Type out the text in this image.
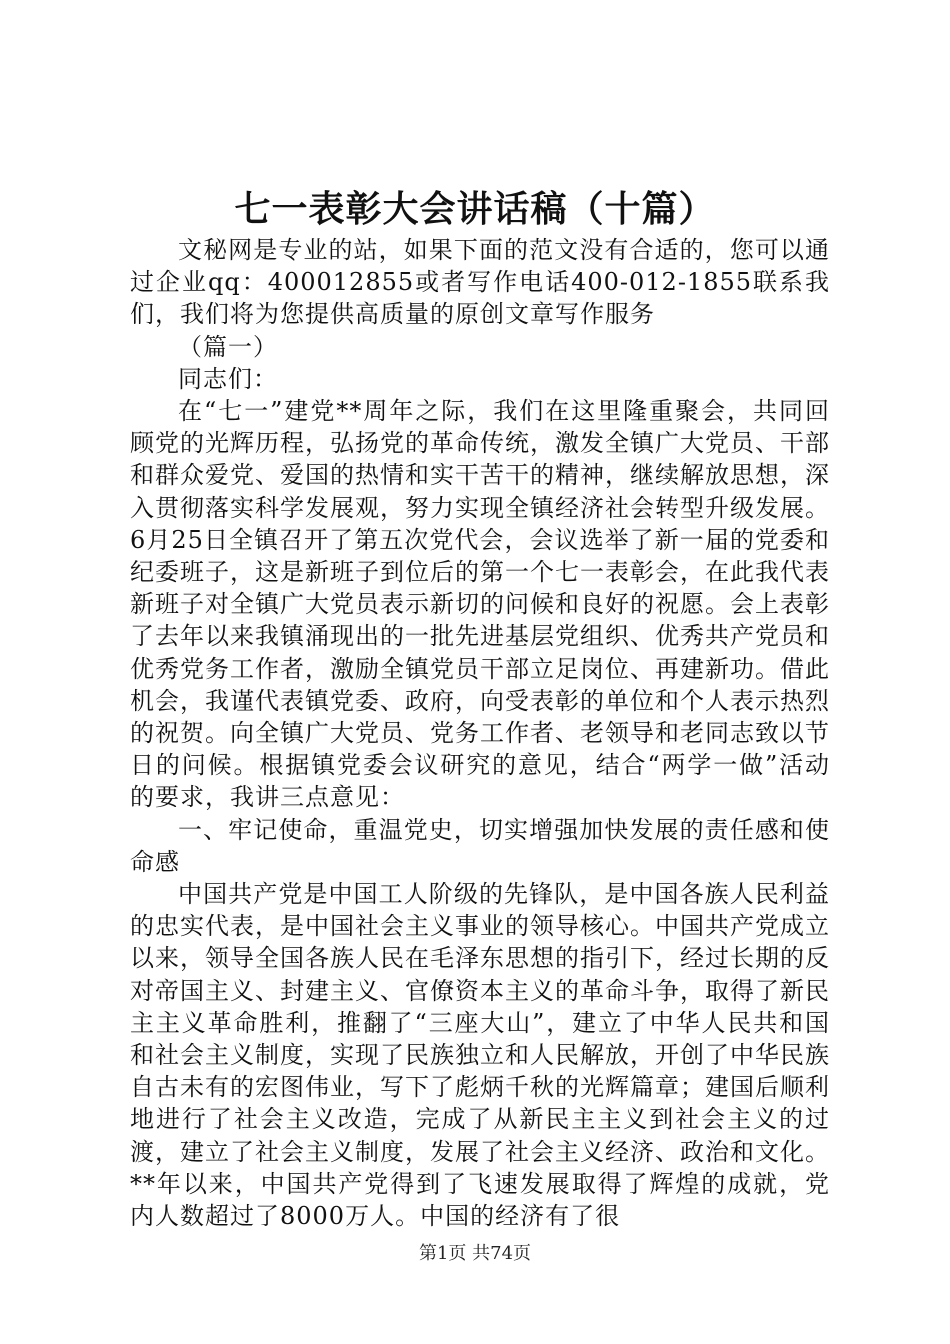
七一表彰大会讲话稿（十篇）

文秘网是专业的站，如果下面的范文没有合适的，您可以通过企业qq：400012855或者写作电话400-012-1855联系我们，我们将为您提供高质量的原创文章写作服务

（篇一）

同志们：

在“七一”建党**周年之际，我们在这里隆重聚会，共同回顾党的光辉历程，弘扬党的革命传统，激发全镇广大党员、干部和群众爱党、爱国的热情和实干苦干的精神，继续解放思想，深入贯彻落实科学发展观，努力实现全镇经济社会转型升级发展。6月25日全镇召开了第五次党代会，会议选举了新一届的党委和纪委班子，这是新班子到位后的第一个七一表彰会，在此我代表新班子对全镇广大党员表示新切的问候和良好的祝愿。会上表彰了去年以来我镇涌现出的一批先进基层党组织、优秀共产党员和优秀党务工作者，激励全镇党员干部立足岗位、再建新功。借此机会，我谨代表镇党委、政府，向受表彰的单位和个人表示热烈的祝贺。向全镇广大党员、党务工作者、老领导和老同志致以节日的问候。根据镇党委会议研究的意见，结合“两学一做”活动的要求，我讲三点意见：

一、牢记使命，重温党史，切实增强加快发展的责任感和使命感

中国共产党是中国工人阶级的先锋队，是中国各族人民利益的忠实代表，是中国社会主义事业的领导核心。中国共产党成立以来，领导全国各族人民在毛泽东思想的指引下，经过长期的反对帝国主义、封建主义、官僚资本主义的革命斗争，取得了新民主主义革命胜利，推翻了“三座大山”，建立了中华人民共和国和社会主义制度，实现了民族独立和人民解放，开创了中华民族自古未有的宏图伟业，写下了彪炳千秋的光辉篇章；建国后顺利地进行了社会主义改造，完成了从新民主主义到社会主义的过渡，建立了社会主义制度，发展了社会主义经济、政治和文化。**年以来，中国共产党得到了飞速发展取得了辉煌的成就，党内人数超过了8000万人。中国的经济有了很

第1页 共74页
